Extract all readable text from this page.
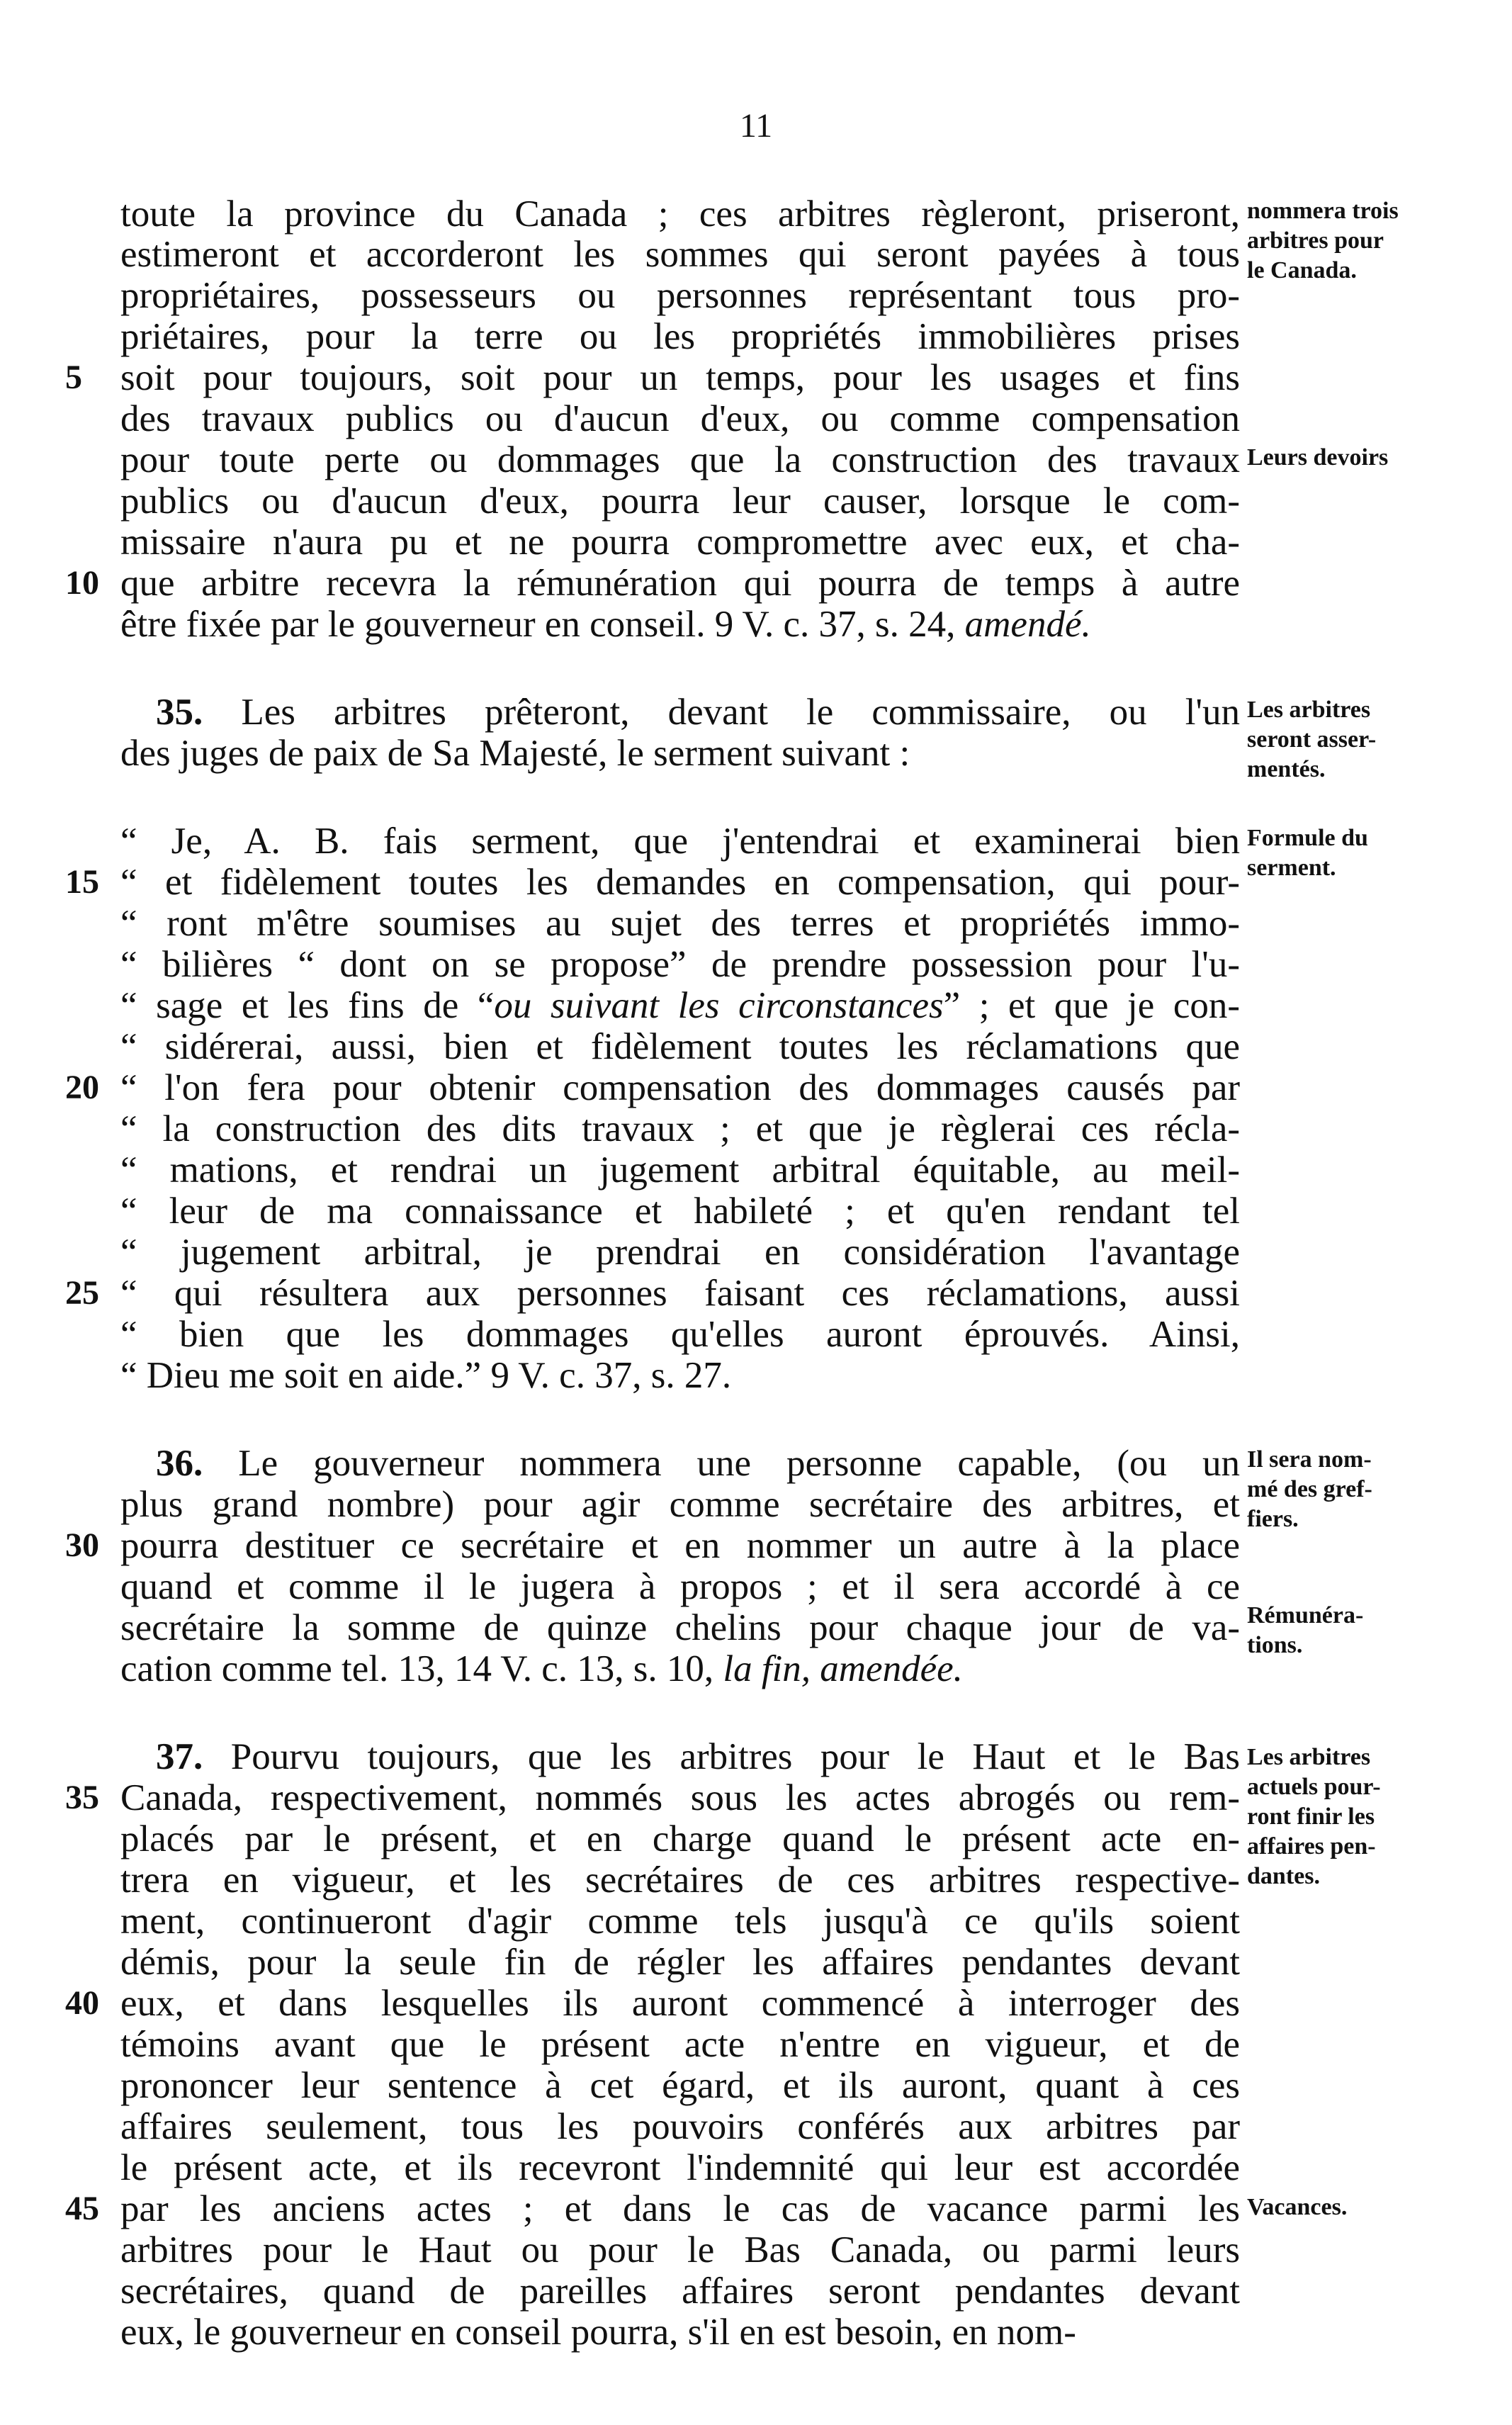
11
toute la province du Canada ; ces arbitres règleront, priseront,
estimeront et accorderont les sommes qui seront payées à tous
propriétaires, possesseurs ou personnes représentant tous pro-
priétaires, pour la terre ou les propriétés immobilières prises
5 soit pour toujours, soit pour un temps, pour les usages et fins
des travaux publics ou d'aucun d'eux, ou comme compensation
pour toute perte ou dommages que la construction des travaux
publics ou d'aucun d'eux, pourra leur causer, lorsque le com-
missaire n'aura pu et ne pourra compromettre avec eux, et cha-
10 que arbitre recevra la rémunération qui pourra de temps à autre
être fixée par le gouverneur en conseil. 9 V. c. 37, s. 24, amendé.
35. Les arbitres prêteront, devant le commissaire, ou l'un
des juges de paix de Sa Majesté, le serment suivant :
“ Je, A. B. fais serment, que j'entendrai et examinerai bien
15 “ et fidèlement toutes les demandes en compensation, qui pour-
“ ront m'être soumises au sujet des terres et propriétés immo-
“ bilières “ dont on se propose” de prendre possession pour l'u-
“ sage et les fins de “ou suivant les circonstances” ; et que je con-
“ sidérerai, aussi, bien et fidèlement toutes les réclamations que
20 “ l'on fera pour obtenir compensation des dommages causés par
“ la construction des dits travaux ; et que je règlerai ces récla-
“ mations, et rendrai un jugement arbitral équitable, au meil-
“ leur de ma connaissance et habileté ; et qu'en rendant tel
“ jugement arbitral, je prendrai en considération l'avantage
25 “ qui résultera aux personnes faisant ces réclamations, aussi
“ bien que les dommages qu'elles auront éprouvés. Ainsi,
“ Dieu me soit en aide.” 9 V. c. 37, s. 27.
36. Le gouverneur nommera une personne capable, (ou un
plus grand nombre) pour agir comme secrétaire des arbitres, et
30 pourra destituer ce secrétaire et en nommer un autre à la place
quand et comme il le jugera à propos ; et il sera accordé à ce
secrétaire la somme de quinze chelins pour chaque jour de va-
cation comme tel. 13, 14 V. c. 13, s. 10, la fin, amendée.
37. Pourvu toujours, que les arbitres pour le Haut et le Bas
35 Canada, respectivement, nommés sous les actes abrogés ou rem-
placés par le présent, et en charge quand le présent acte en-
trera en vigueur, et les secrétaires de ces arbitres respective-
ment, continueront d'agir comme tels jusqu'à ce qu'ils soient
démis, pour la seule fin de régler les affaires pendantes devant
40 eux, et dans lesquelles ils auront commencé à interroger des
témoins avant que le présent acte n'entre en vigueur, et de
prononcer leur sentence à cet égard, et ils auront, quant à ces
affaires seulement, tous les pouvoirs conférés aux arbitres par
le présent acte, et ils recevront l'indemnité qui leur est accordée
45 par les anciens actes ; et dans le cas de vacance parmi les
arbitres pour le Haut ou pour le Bas Canada, ou parmi leurs
secrétaires, quand de pareilles affaires seront pendantes devant
eux, le gouverneur en conseil pourra, s'il en est besoin, en nom-
nommera trois
arbitres pour
le Canada.
Leurs devoirs
Les arbitres
seront asser-
mentés.
Formule du
serment.
Il sera nom-
mé des gref-
fiers.
Rémunéra-
tions.
Les arbitres
actuels pour-
ront finir les
affaires pen-
dantes.
Vacances.
